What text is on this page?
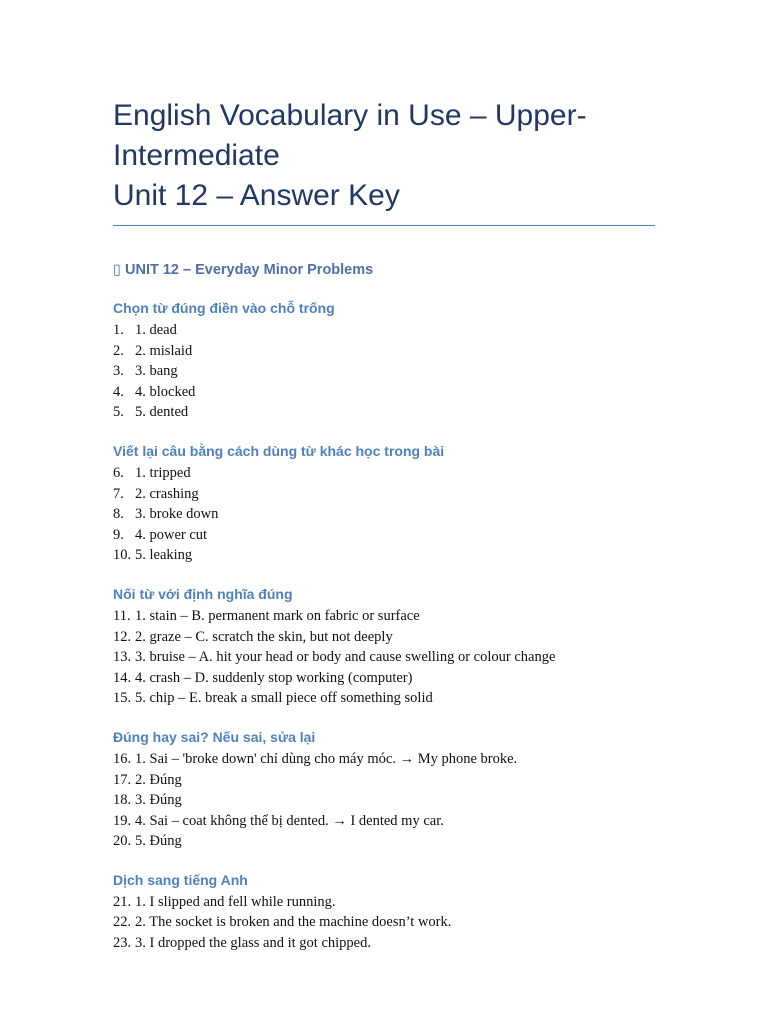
English Vocabulary in Use – Upper-
Intermediate
Unit 12 – Answer Key
▯ UNIT 12 – Everyday Minor Problems
Chọn từ đúng điền vào chỗ trống
1. 1. dead
2. 2. mislaid
3. 3. bang
4. 4. blocked
5. 5. dented
Viết lại câu bằng cách dùng từ khác học trong bài
6. 1. tripped
7. 2. crashing
8. 3. broke down
9. 4. power cut
10. 5. leaking
Nối từ với định nghĩa đúng
11. 1. stain – B. permanent mark on fabric or surface
12. 2. graze – C. scratch the skin, but not deeply
13. 3. bruise – A. hit your head or body and cause swelling or colour change
14. 4. crash – D. suddenly stop working (computer)
15. 5. chip – E. break a small piece off something solid
Đúng hay sai? Nếu sai, sửa lại
16. 1. Sai – 'broke down' chỉ dùng cho máy móc. → My phone broke.
17. 2. Đúng
18. 3. Đúng
19. 4. Sai – coat không thể bị dented. → I dented my car.
20. 5. Đúng
Dịch sang tiếng Anh
21. 1. I slipped and fell while running.
22. 2. The socket is broken and the machine doesn’t work.
23. 3. I dropped the glass and it got chipped.
